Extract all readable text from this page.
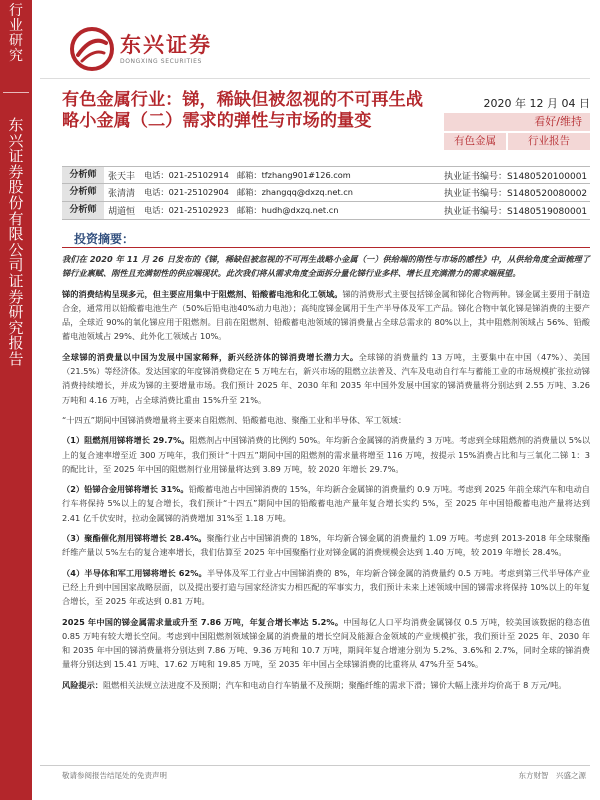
行
业
研
究
东
兴
证
券
股
份
有
限
公
司
证
券
研
究
报
告
东兴证券
DONGXING SECURITIES
有色金属行业：锑，稀缺但被忽视的不可再生战略小金属（二）需求的弹性与市场的量变
2020 年 12 月 04 日
看好/维持
有色金属	行业报告
分析师	张天丰	电话：021-25102914　邮箱：tfzhang901#126.com	执业证书编号：S1480520100001
分析师	张清清	电话：021-25102904　邮箱：zhangqq@dxzq.net.cn	执业证书编号：S1480520080002
分析师	胡道恒	电话：021-25102923　邮箱：hudh@dxzq.net.cn	执业证书编号：S1480519080001
投资摘要：

我们在 2020 年 11 月 26 日发布的《锑，稀缺但被忽视的不可再生战略小金属（一）供给端的刚性与市场的感性》中，从供给角度全面梳理了锑行业禀赋、刚性且充满韧性的供应端现状。此次我们将从需求角度全面拆分量化锑行业多样、增长且充满潜力的需求端展望。

锑的消费结构呈现多元，但主要应用集中于阻燃剂、铅酸蓄电池和化工领域。锑的消费形式主要包括锑金属和锑化合物两种。锑金属主要用于制造合金，通常用以铅酸蓄电池生产（50%后铅电池40%动力电池）；高纯度锑金属用于生产半导体及军工产品。锑化合物中氧化锑是锑消费的主要产品，全球近 90%的氧化锑应用于阻燃剂。目前在阻燃剂、铅酸蓄电池领域的锑消费量占全球总需求的 80%以上，其中阻燃剂领域占 56%、铅酸蓄电池领域占 29%、此外化工领域占 10%。

全球锑的消费量以中国为发展中国家稀释，新兴经济体的锑消费增长潜力大。全球锑的消费量约 13 万吨，主要集中在中国（47%）、美国（21.5%）等经济体。发达国家的年度锑消费稳定在 5 万吨左右，新兴市场的阻燃立法普及、汽车及电动自行车与蓄能工业的市场规模扩张拉动锑消费持续增长，并成为锑的主要增量市场。我们预计 2025 年、2030 年和 2035 年中国外发展中国家的锑消费量将分别达到 2.55 万吨、3.26 万吨和 4.16 万吨，占全球消费比重由 15%升至 21%。

“十四五”期间中国锑消费增量将主要来自阻燃剂、铅酸蓄电池、聚酯工业和半导体、军工领域：

（1）阻燃剂用锑将增长 29.7%。阻燃剂占中国锑消费的比例约 50%。年均新合金属锑的消费量约 3 万吨。考虑到全球阻燃剂的消费量以 5%以上的复合速率增至近 300 万吨年，我们预计“十四五”期间中国的阻燃剂的需求量将增至 116 万吨，按提示 15%消费占比和与三氧化二锑 1：3 的配比计，至 2025 年中国的阻燃剂行业用锑量将达到 3.89 万吨，较 2020 年增长 29.7%。

（2）铅锑合金用锑将增长 31%。铅酸蓄电池占中国锑消费的 15%，年均新合金属锑的消费量约 0.9 万吨。考虑到 2025 年前全球汽车和电动自行车将保持 5%以上的复合增长，我们预计“十四五”期间中国的铅酸蓄电池产量年复合增长实约 5%，至 2025 年中国铅酸蓄电池产量将达到 2.41 亿千伏安时，拉动金属锑的消费增加 31%至 1.18 万吨。

（3）聚酯催化剂用锑将增长 28.4%。聚酯行业占中国锑消费的 18%，年均新合锑金属的消费量约 1.09 万吨。考虑到 2013-2018 年全球聚酯纤维产量以 5%左右的复合速率增长，我们估算至 2025 年中国聚酯行业对锑金属的消费规模会达到 1.40 万吨，较 2019 年增长 28.4%。

（4）半导体和军工用锑将增长 62%。半导体及军工行业占中国锑消费的 8%，年均新合锑金属的消费量约 0.5 万吨。考虑到第三代半导体产业已经上升到中国国家战略层面，以及提出要打造与国家经济实力相匹配的军事实力，我们预计未来上述领域中国的锑需求将保持 10%以上的年复合增长，至 2025 年或达到 0.81 万吨。

2025 年中国的锑金属需求量或升至 7.86 万吨，年复合增长率达 5.2%。中国每亿人口平均消费金属锑仅 0.5 万吨，较美国该数据的稳态值 0.85 万吨有较大增长空间。考虑到中国阻燃剂领域锑金属的消费量的增长空间及能源合金领域的产业规模扩张，我们预计至 2025 年、2030 年和 2035 年中国的锑消费量将分别达到 7.86 万吨、9.36 万吨和 10.7 万吨，期间年复合增速分别为 5.2%、3.6%和 2.7%，同时全球的锑消费量将分别达到 15.41 万吨、17.62 万吨和 19.85 万吨，至 2035 年中国占全球锑消费的比重将从 47%升至 54%。

风险提示：阻燃相关法规立法进度不及预期；汽车和电动自行车销量不及预期；聚酯纤维的需求下滑；锑价大幅上涨并均价高于 8 万元/吨。

敬请参阅报告结尾处的免责声明	东方财智　兴盛之源
